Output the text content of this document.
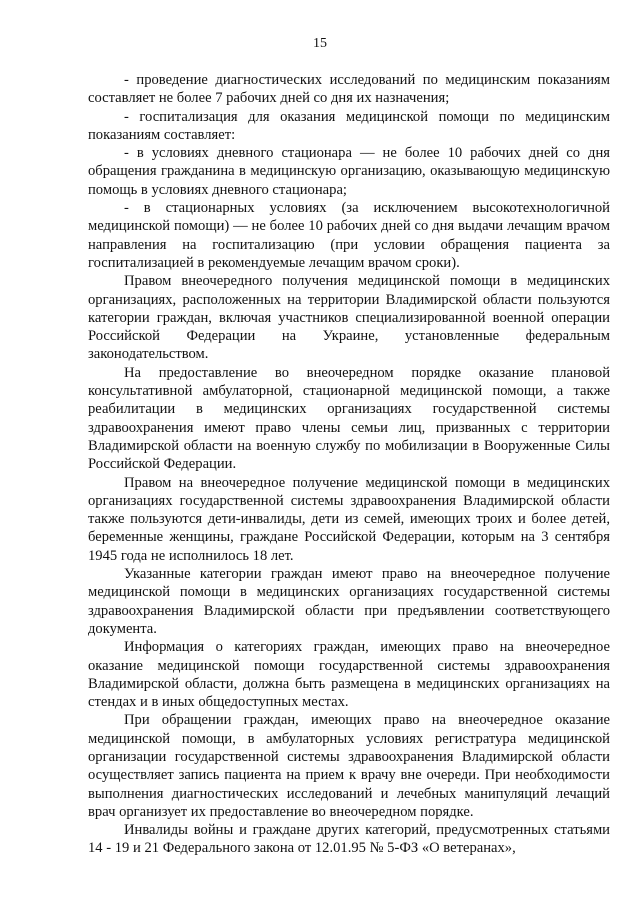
15

- проведение диагностических исследований по медицинским показаниям составляет не более 7 рабочих дней со дня их назначения;

- госпитализация для оказания медицинской помощи по медицинским показаниям составляет:

- в условиях дневного стационара — не более 10 рабочих дней со дня обращения гражданина в медицинскую организацию, оказывающую медицинскую помощь в условиях дневного стационара;

- в стационарных условиях (за исключением высокотехнологичной медицинской помощи) — не более 10 рабочих дней со дня выдачи лечащим врачом направления на госпитализацию (при условии обращения пациента за госпитализацией в рекомендуемые лечащим врачом сроки).

Правом внеочередного получения медицинской помощи в медицинских организациях, расположенных на территории Владимирской области пользуются категории граждан, включая участников специализированной военной операции Российской Федерации на Украине, установленные федеральным законодательством.

На предоставление во внеочередном порядке оказание плановой консультативной амбулаторной, стационарной медицинской помощи, а также реабилитации в медицинских организациях государственной системы здравоохранения имеют право члены семьи лиц, призванных с территории Владимирской области на военную службу по мобилизации в Вооруженные Силы Российской Федерации.

Правом на внеочередное получение медицинской помощи в медицинских организациях государственной системы здравоохранения Владимирской области также пользуются дети-инвалиды, дети из семей, имеющих троих и более детей, беременные женщины, граждане Российской Федерации, которым на 3 сентября 1945 года не исполнилось 18 лет.

Указанные категории граждан имеют право на внеочередное получение медицинской помощи в медицинских организациях государственной системы здравоохранения Владимирской области при предъявлении соответствующего документа.

Информация о категориях граждан, имеющих право на внеочередное оказание медицинской помощи государственной системы здравоохранения Владимирской области, должна быть размещена в медицинских организациях на стендах и в иных общедоступных местах.

При обращении граждан, имеющих право на внеочередное оказание медицинской помощи, в амбулаторных условиях регистратура медицинской организации государственной системы здравоохранения Владимирской области осуществляет запись пациента на прием к врачу вне очереди. При необходимости выполнения диагностических исследований и лечебных манипуляций лечащий врач организует их предоставление во внеочередном порядке.

Инвалиды войны и граждане других категорий, предусмотренных статьями 14 - 19 и 21 Федерального закона от 12.01.95 № 5-ФЗ «О ветеранах»,
